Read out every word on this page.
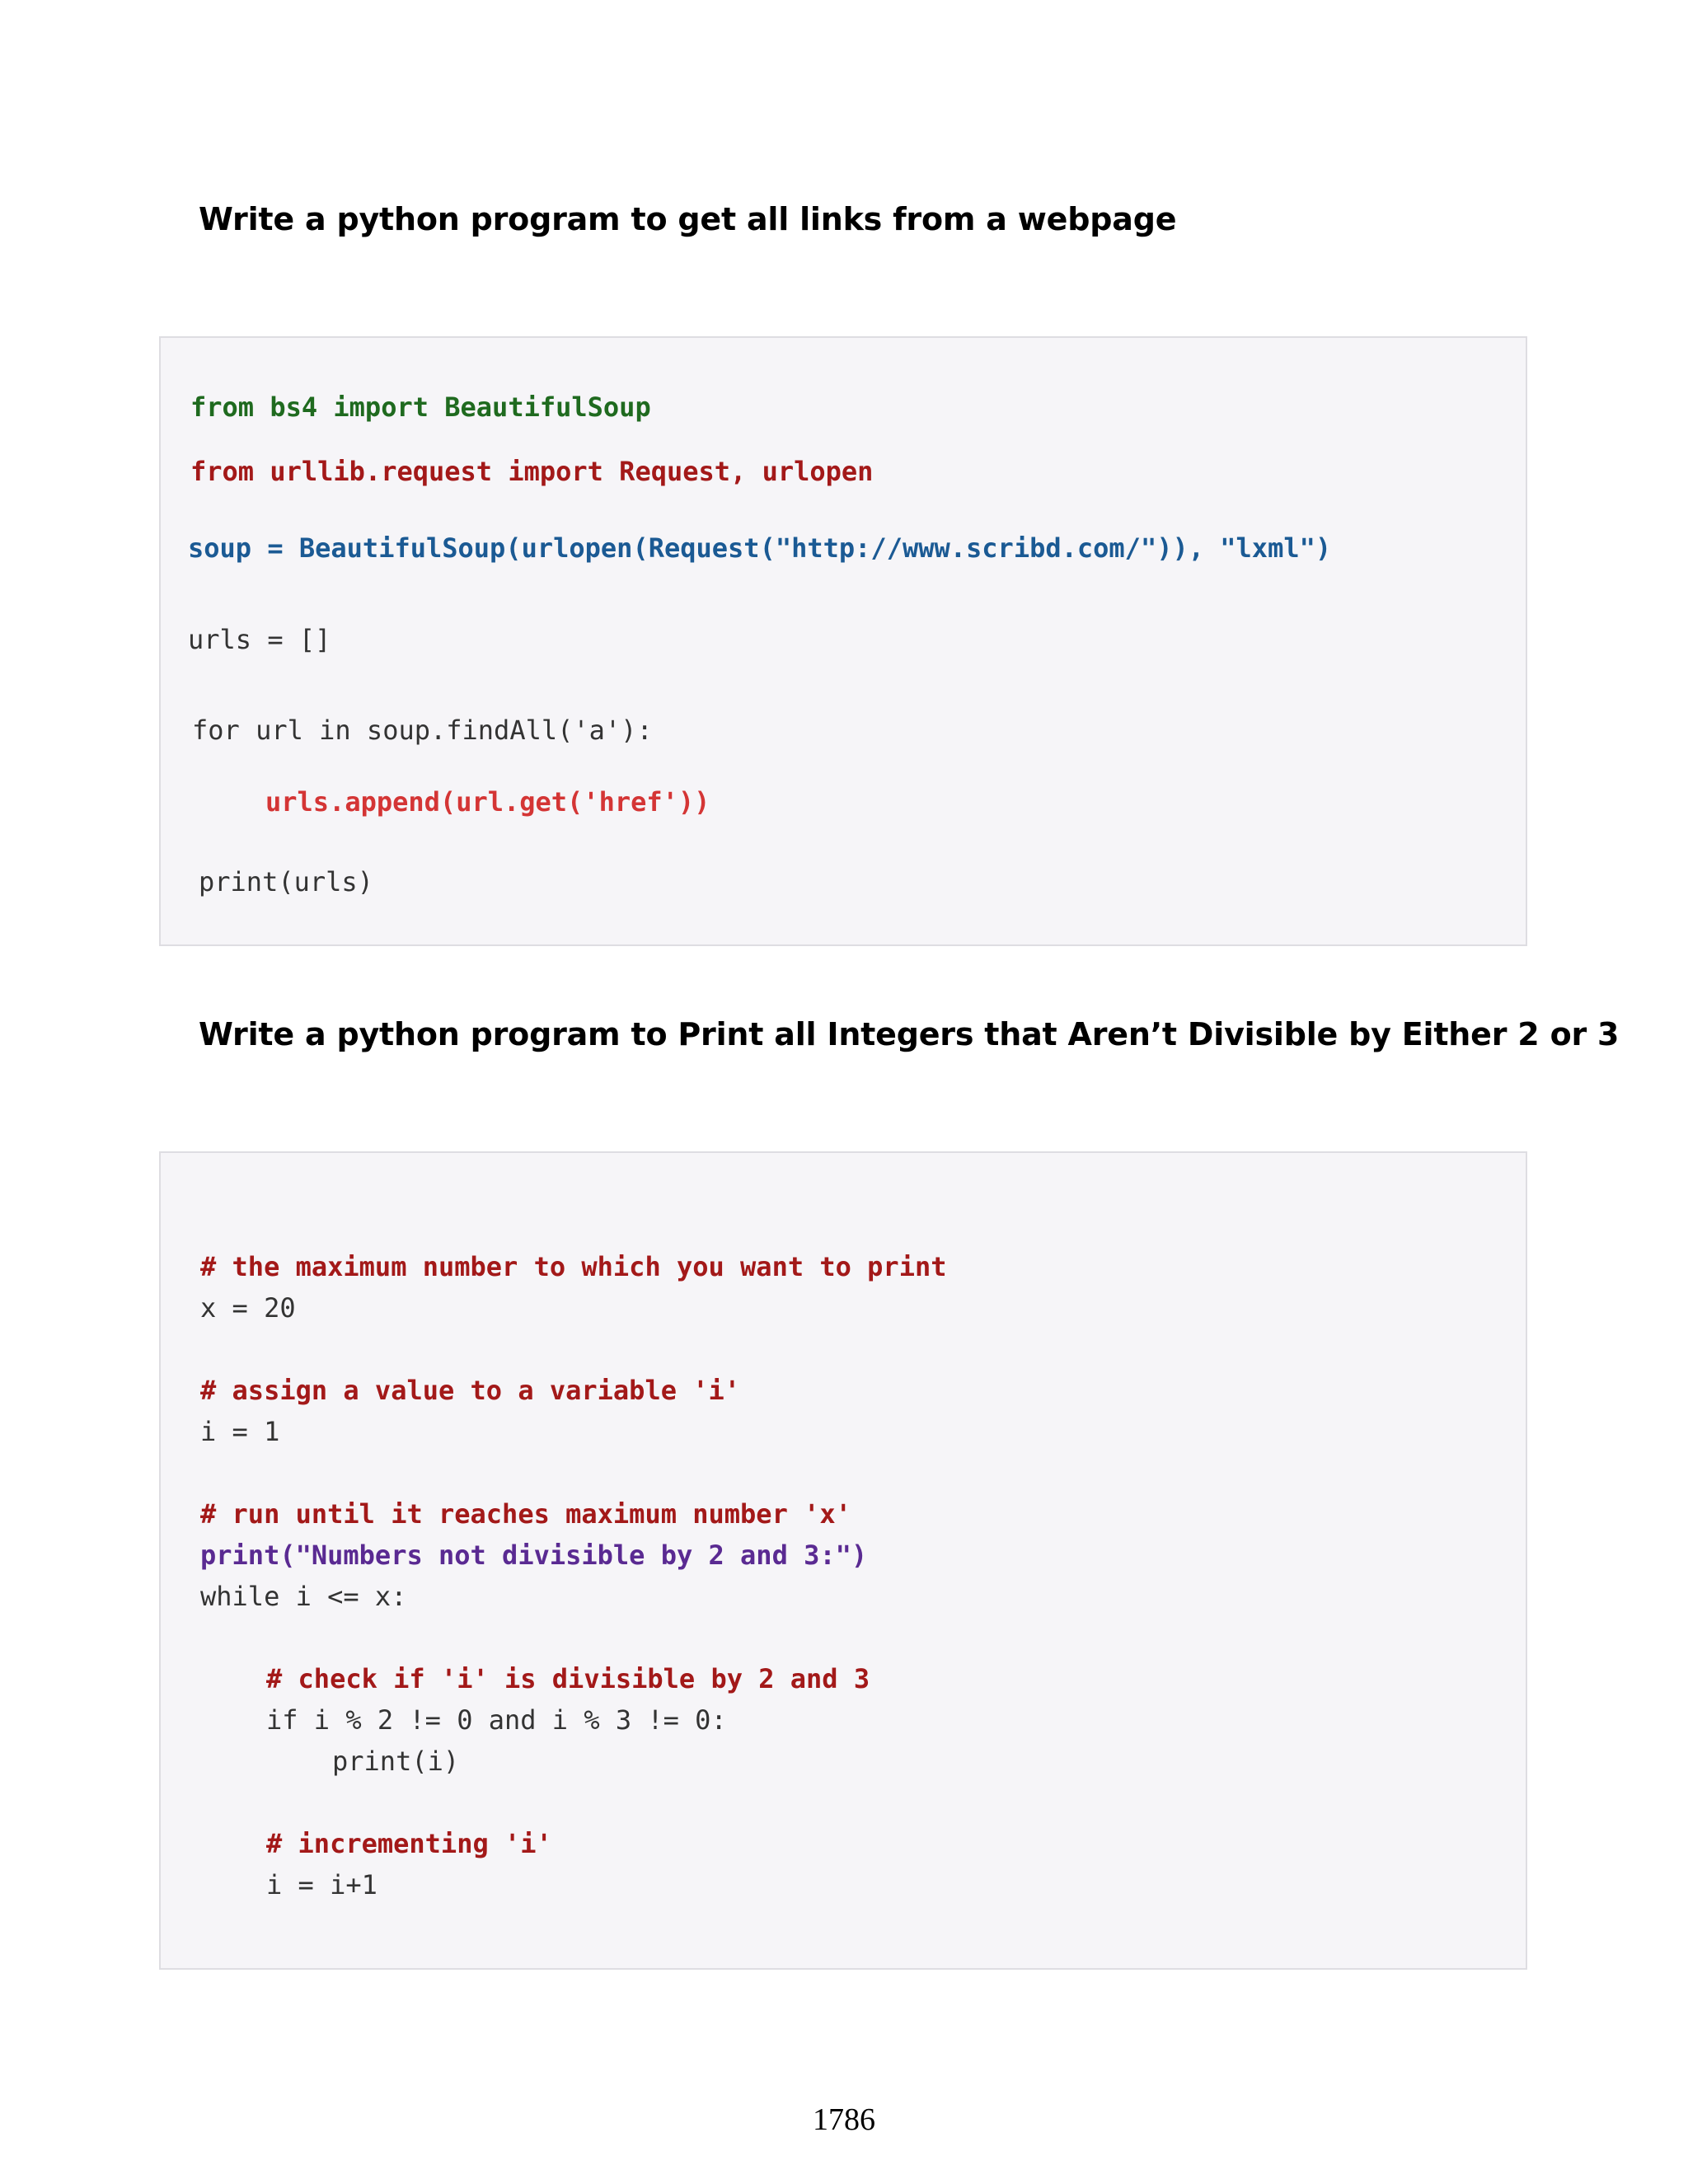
Write a python program to get all links from a webpage
from bs4 import BeautifulSoup
from urllib.request import Request, urlopen
soup = BeautifulSoup(urlopen(Request("http://www.scribd.com/")), "lxml")
urls = []
for url in soup.findAll('a'):
urls.append(url.get('href'))
print(urls)
Write a python program to Print all Integers that Aren’t Divisible by Either 2 or 3
# the maximum number to which you want to print
x = 20
# assign a value to a variable 'i'
i = 1
# run until it reaches maximum number 'x'
print("Numbers not divisible by 2 and 3:")
while i <= x:
# check if 'i' is divisible by 2 and 3
if i % 2 != 0 and i % 3 != 0:
print(i)
# incrementing 'i'
i = i+1
1786
